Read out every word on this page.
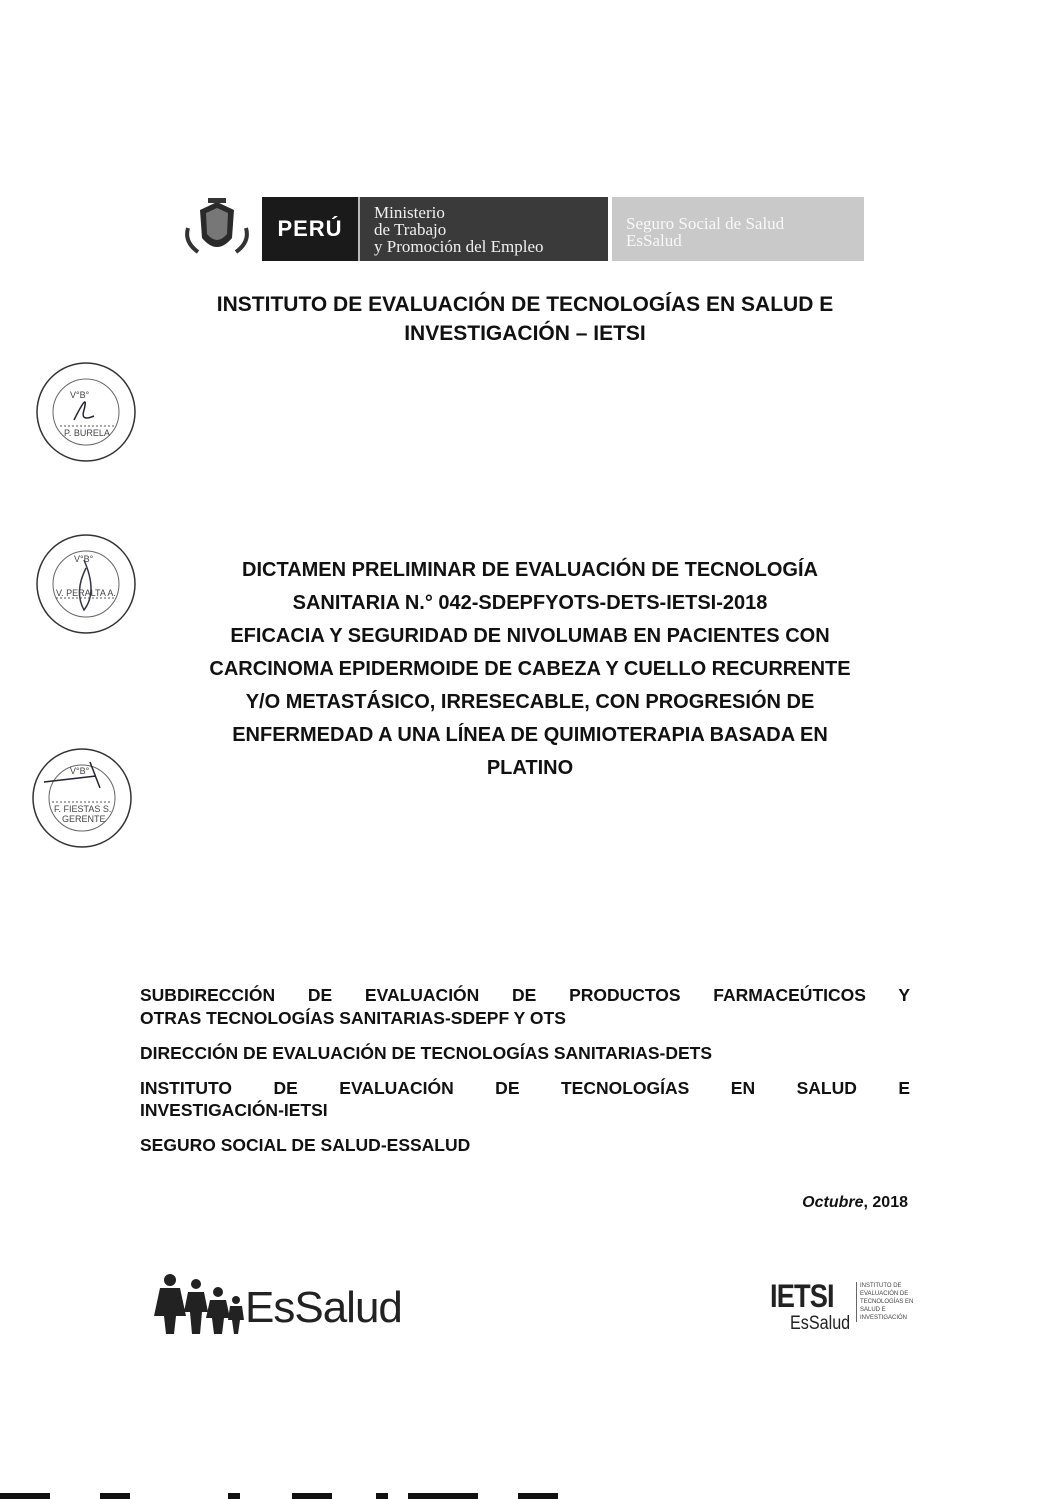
PERÚ
Ministerio
de Trabajo
y Promoción del Empleo
Seguro Social de Salud
EsSalud
INSTITUTO DE EVALUACIÓN DE TECNOLOGÍAS EN SALUD E
INVESTIGACIÓN – IETSI
V°B°
P. BURELA
V°B°
V. PERALTA A.
V°B°
F. FIESTAS S.
GERENTE
DICTAMEN PRELIMINAR DE EVALUACIÓN DE TECNOLOGÍA
SANITARIA N.° 042-SDEPFYOTS-DETS-IETSI-2018
EFICACIA Y SEGURIDAD DE NIVOLUMAB EN PACIENTES CON
CARCINOMA EPIDERMOIDE DE CABEZA Y CUELLO RECURRENTE
Y/O METASTÁSICO, IRRESECABLE, CON PROGRESIÓN DE
ENFERMEDAD A UNA LÍNEA DE QUIMIOTERAPIA BASADA EN
PLATINO
SUBDIRECCIÓN DE EVALUACIÓN DE PRODUCTOS FARMACEÚTICOS Y
OTRAS TECNOLOGÍAS SANITARIAS-SDEPF Y OTS
DIRECCIÓN DE EVALUACIÓN DE TECNOLOGÍAS SANITARIAS-DETS
INSTITUTO DE EVALUACIÓN DE TECNOLOGÍAS EN SALUD E
INVESTIGACIÓN-IETSI
SEGURO SOCIAL DE SALUD-ESSALUD
Octubre, 2018
EsSalud	IETSI
EsSalud
INSTITUTO DE EVALUACIÓN DE TECNOLOGÍAS EN SALUD E INVESTIGACIÓN
